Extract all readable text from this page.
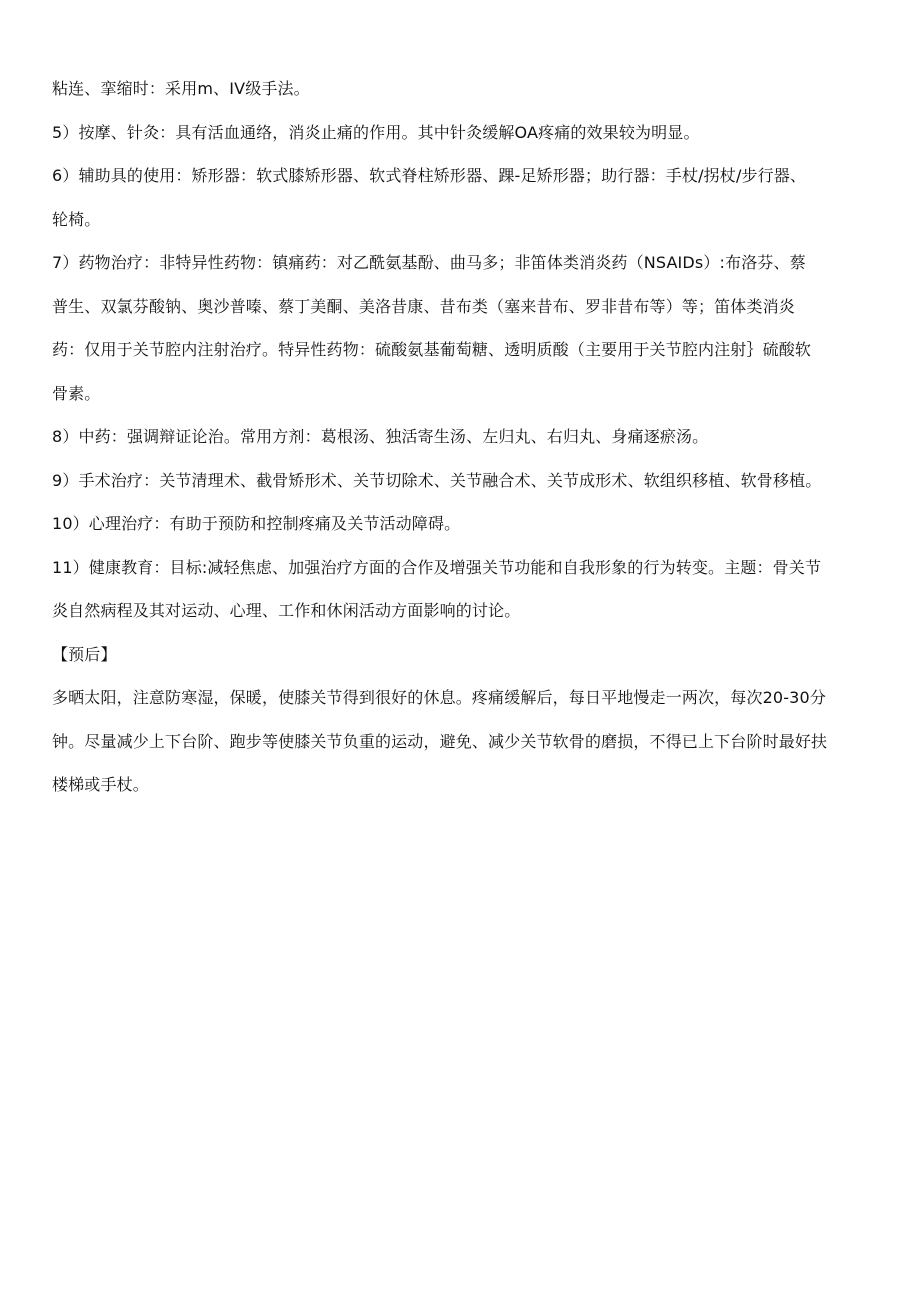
粘连、挛缩时：采用m、IV级手法。
5）按摩、针灸：具有活血通络，消炎止痛的作用。其中针灸缓解OA疼痛的效果较为明显。
6）辅助具的使用：矫形器：软式膝矫形器、软式脊柱矫形器、踝-足矫形器；助行器：手杖/拐杖/步行器、
轮椅。
7）药物治疗：非特异性药物：镇痛药：对乙酰氨基酚、曲马多；非笛体类消炎药（NSAIDs）:布洛芬、蔡
普生、双氯芬酸钠、奥沙普嗪、蔡丁美酮、美洛昔康、昔布类（塞来昔布、罗非昔布等）等；笛体类消炎
药：仅用于关节腔内注射治疗。特异性药物：硫酸氨基葡萄糖、透明质酸（主要用于关节腔内注射｝硫酸软
骨素。
8）中药：强调辩证论治。常用方剂：葛根汤、独活寄生汤、左归丸、右归丸、身痛逐瘀汤。
9）手术治疗：关节清理术、截骨矫形术、关节切除术、关节融合术、关节成形术、软组织移植、软骨移植。
10）心理治疗：有助于预防和控制疼痛及关节活动障碍。
11）健康教育：目标:减轻焦虑、加强治疗方面的合作及增强关节功能和自我形象的行为转变。主题：骨关节
炎自然病程及其对运动、心理、工作和休闲活动方面影响的讨论。
【预后】
多晒太阳，注意防寒湿，保暖，使膝关节得到很好的休息。疼痛缓解后，每日平地慢走一两次，每次20-30分
钟。尽量减少上下台阶、跑步等使膝关节负重的运动，避免、减少关节软骨的磨损，不得已上下台阶时最好扶
楼梯或手杖。
